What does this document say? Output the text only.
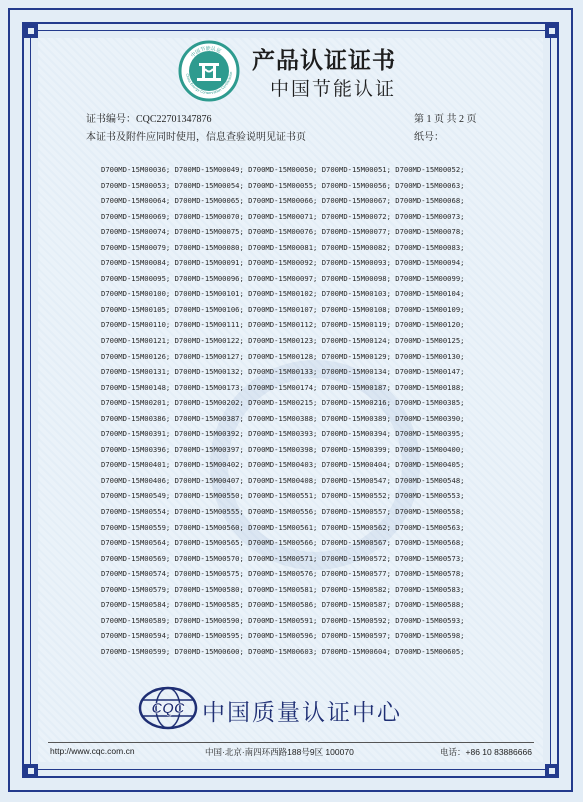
中国节能认证
China Energy Conservation Certification 产品认证证书
中国节能认证
证书编号：CQC22701347876	第 1 页 共 2 页
本证书及附件应同时使用，信息查验说明见证书页	纸号：
D700MD-15M00036; D700MD-15M00049; D700MD-15M00050; D700MD-15M00051; D700MD-15M00052;
D700MD-15M00053; D700MD-15M00054; D700MD-15M00055; D700MD-15M00056; D700MD-15M00063;
D700MD-15M00064; D700MD-15M00065; D700MD-15M00066; D700MD-15M00067; D700MD-15M00068;
D700MD-15M00069; D700MD-15M00070; D700MD-15M00071; D700MD-15M00072; D700MD-15M00073;
D700MD-15M00074; D700MD-15M00075; D700MD-15M00076; D700MD-15M00077; D700MD-15M00078;
D700MD-15M00079; D700MD-15M00080; D700MD-15M00081; D700MD-15M00082; D700MD-15M00083;
D700MD-15M00084; D700MD-15M00091; D700MD-15M00092; D700MD-15M00093; D700MD-15M00094;
D700MD-15M00095; D700MD-15M00096; D700MD-15M00097; D700MD-15M00098; D700MD-15M00099;
D700MD-15M00100; D700MD-15M00101; D700MD-15M00102; D700MD-15M00103; D700MD-15M00104;
D700MD-15M00105; D700MD-15M00106; D700MD-15M00107; D700MD-15M00108; D700MD-15M00109;
D700MD-15M00110; D700MD-15M00111; D700MD-15M00112; D700MD-15M00119; D700MD-15M00120;
D700MD-15M00121; D700MD-15M00122; D700MD-15M00123; D700MD-15M00124; D700MD-15M00125;
D700MD-15M00126; D700MD-15M00127; D700MD-15M00128; D700MD-15M00129; D700MD-15M00130;
D700MD-15M00131; D700MD-15M00132; D700MD-15M00133; D700MD-15M00134; D700MD-15M00147;
D700MD-15M00148; D700MD-15M00173; D700MD-15M00174; D700MD-15M00187; D700MD-15M00188;
D700MD-15M00201; D700MD-15M00202; D700MD-15M00215; D700MD-15M00216; D700MD-15M00385;
D700MD-15M00386; D700MD-15M00387; D700MD-15M00388; D700MD-15M00389; D700MD-15M00390;
D700MD-15M00391; D700MD-15M00392; D700MD-15M00393; D700MD-15M00394; D700MD-15M00395;
D700MD-15M00396; D700MD-15M00397; D700MD-15M00398; D700MD-15M00399; D700MD-15M00400;
D700MD-15M00401; D700MD-15M00402; D700MD-15M00403; D700MD-15M00404; D700MD-15M00405;
D700MD-15M00406; D700MD-15M00407; D700MD-15M00408; D700MD-15M00547; D700MD-15M00548;
D700MD-15M00549; D700MD-15M00550; D700MD-15M00551; D700MD-15M00552; D700MD-15M00553;
D700MD-15M00554; D700MD-15M00555; D700MD-15M00556; D700MD-15M00557; D700MD-15M00558;
D700MD-15M00559; D700MD-15M00560; D700MD-15M00561; D700MD-15M00562; D700MD-15M00563;
D700MD-15M00564; D700MD-15M00565; D700MD-15M00566; D700MD-15M00567; D700MD-15M00568;
D700MD-15M00569; D700MD-15M00570; D700MD-15M00571; D700MD-15M00572; D700MD-15M00573;
D700MD-15M00574; D700MD-15M00575; D700MD-15M00576; D700MD-15M00577; D700MD-15M00578;
D700MD-15M00579; D700MD-15M00580; D700MD-15M00581; D700MD-15M00582; D700MD-15M00583;
D700MD-15M00584; D700MD-15M00585; D700MD-15M00586; D700MD-15M00587; D700MD-15M00588;
D700MD-15M00589; D700MD-15M00590; D700MD-15M00591; D700MD-15M00592; D700MD-15M00593;
D700MD-15M00594; D700MD-15M00595; D700MD-15M00596; D700MD-15M00597; D700MD-15M00598;
D700MD-15M00599; D700MD-15M00600; D700MD-15M00603; D700MD-15M00604; D700MD-15M00605;
CQC 中国质量认证中心
http://www.cqc.com.cn	中国·北京·南四环西路188号9区 100070	电话：+86 10 83886666
